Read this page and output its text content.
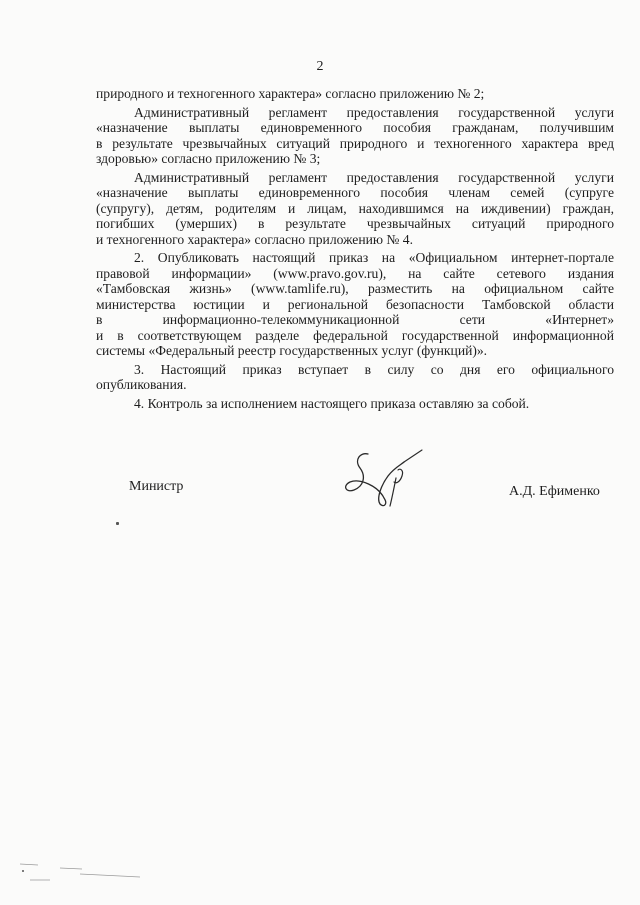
2

природного и техногенного характера» согласно приложению № 2;

Административный регламент предоставления государственной услуги
«назначение выплаты единовременного пособия гражданам, получившим
в результате чрезвычайных ситуаций природного и техногенного характера вред
здоровью» согласно приложению № 3;

Административный регламент предоставления государственной услуги
«назначение выплаты единовременного пособия членам семей (супруге
(супругу), детям, родителям и лицам, находившимся на иждивении) граждан,
погибших (умерших) в результате чрезвычайных ситуаций природного
и техногенного характера» согласно приложению № 4.

2. Опубликовать настоящий приказ на «Официальном интернет-портале
правовой информации» (www.pravo.gov.ru), на сайте сетевого издания
«Тамбовская жизнь» (www.tamlife.ru), разместить на официальном сайте
министерства юстиции и региональной безопасности Тамбовской области
в информационно-телекоммуникационной сети «Интернет»
и в соответствующем разделе федеральной государственной информационной
системы «Федеральный реестр государственных услуг (функций)».

3. Настоящий приказ вступает в силу со дня его официального
опубликования.

4. Контроль за исполнением настоящего приказа оставляю за собой.

Министр	А.Д. Ефименко
